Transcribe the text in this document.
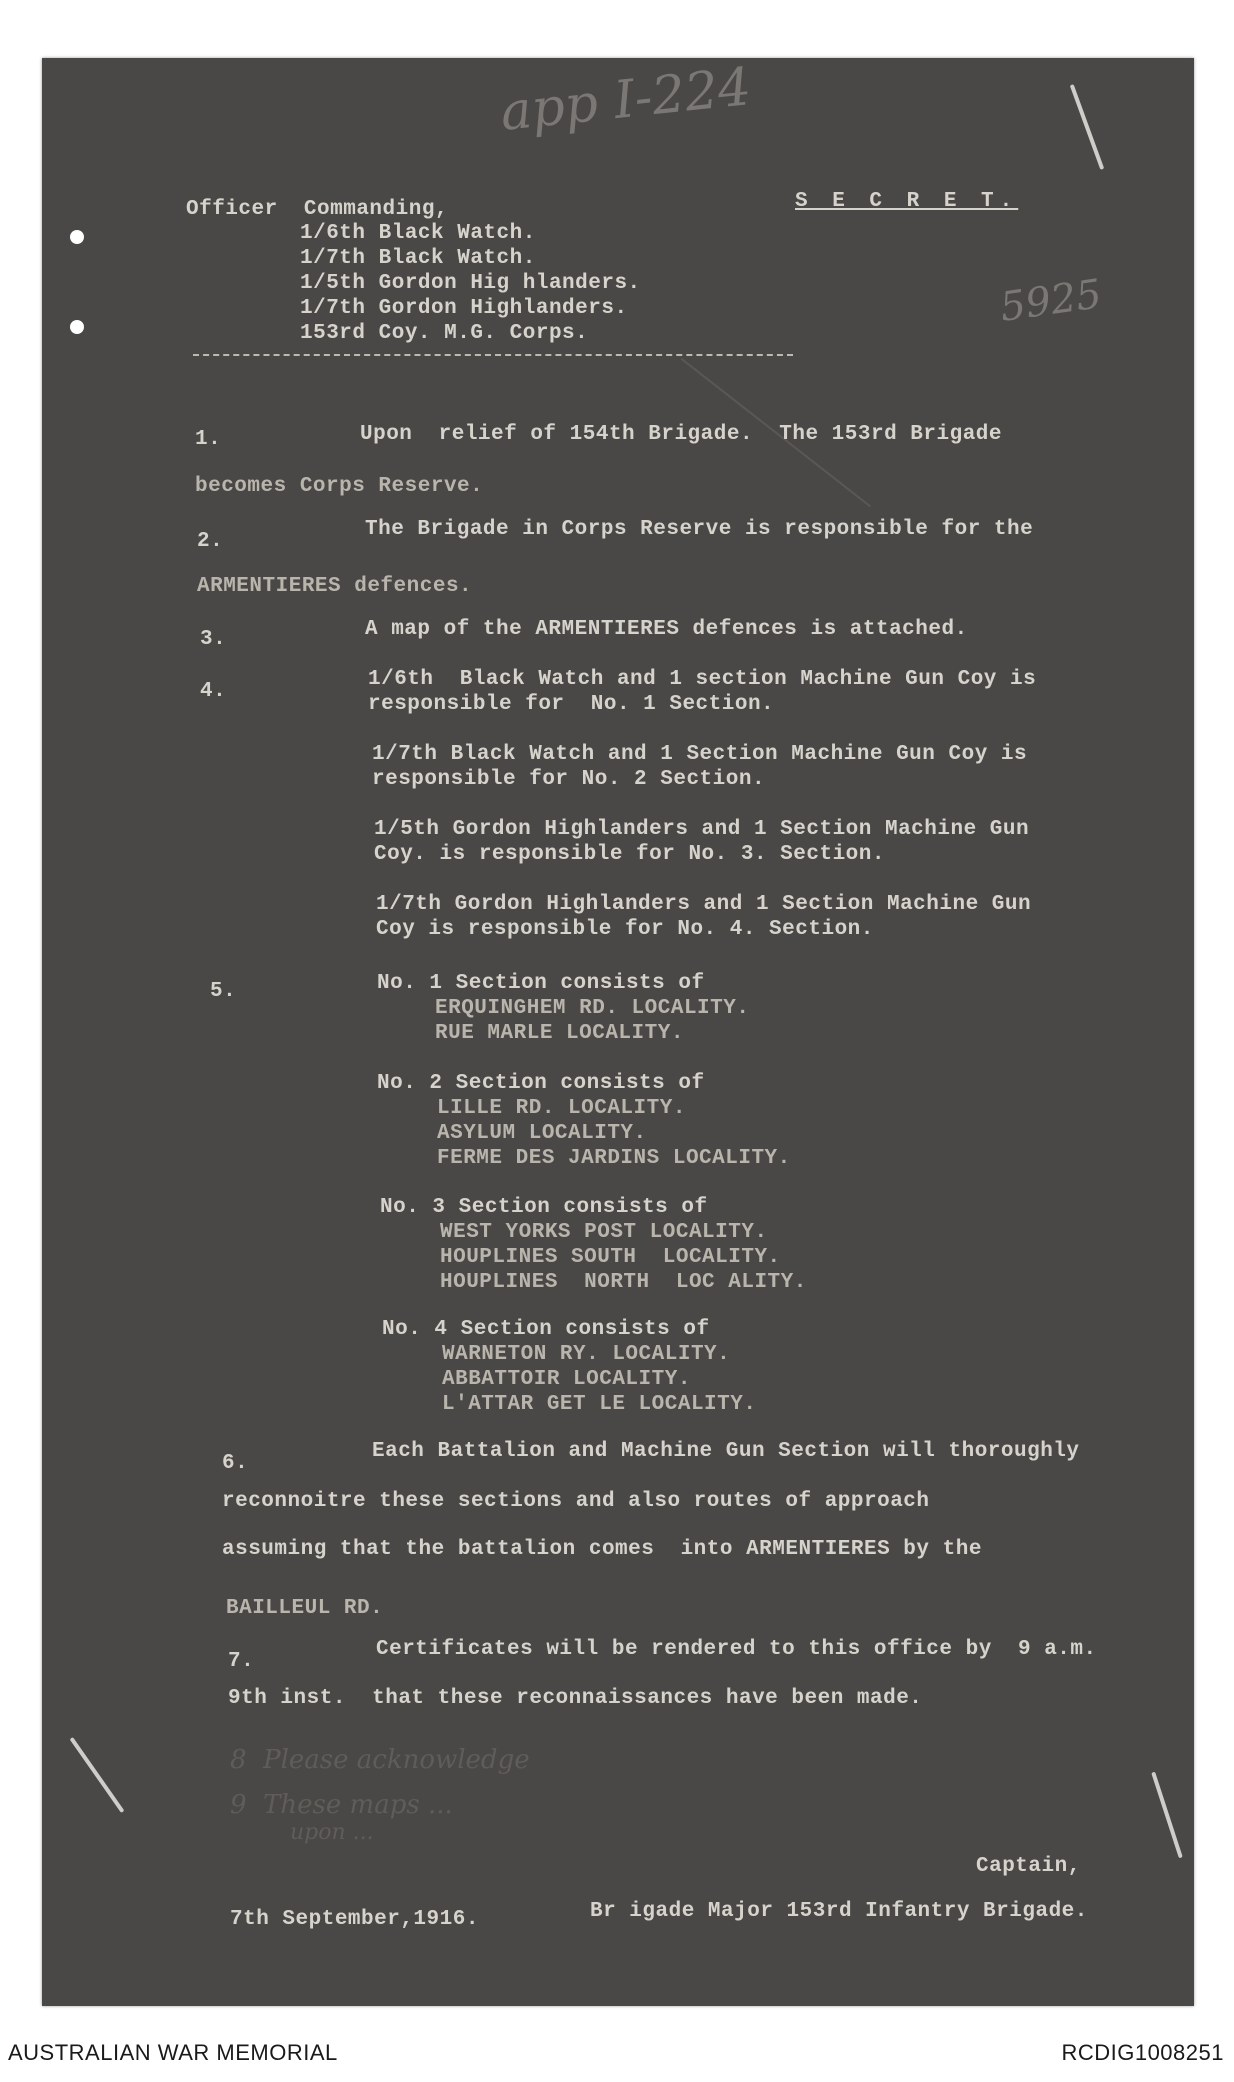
app I-224
5925
8  Please acknowledge
9  These maps ...
upon ...
Officer  Commanding,	S E C R E T.
1/6th Black Watch.
1/7th Black Watch.
1/5th Gordon Hig hlanders.
1/7th Gordon Highlanders.
153rd Coy. M.G. Corps.
1.	Upon  relief of 154th Brigade.  The 153rd Brigade
becomes Corps Reserve.
2.
The Brigade in Corps Reserve is responsible for the
ARMENTIERES defences.
3.	A map of the ARMENTIERES defences is attached.
4.
1/6th  Black Watch and 1 section Machine Gun Coy is
responsible for  No. 1 Section.
1/7th Black Watch and 1 Section Machine Gun Coy is
responsible for No. 2 Section.
1/5th Gordon Highlanders and 1 Section Machine Gun
Coy. is responsible for No. 3. Section.
1/7th Gordon Highlanders and 1 Section Machine Gun
Coy is responsible for No. 4. Section.
5.	No. 1 Section consists of
ERQUINGHEM RD. LOCALITY.
RUE MARLE LOCALITY.
No. 2 Section consists of
LILLE RD. LOCALITY.
ASYLUM LOCALITY.
FERME DES JARDINS LOCALITY.
No. 3 Section consists of
WEST YORKS POST LOCALITY.
HOUPLINES SOUTH  LOCALITY.
HOUPLINES  NORTH  LOC ALITY.
No. 4 Section consists of
WARNETON RY. LOCALITY.
ABBATTOIR LOCALITY.
L'ATTAR GET LE LOCALITY.
6.
Each Battalion and Machine Gun Section will thoroughly
reconnoitre these sections and also routes of approach
assuming that the battalion comes  into ARMENTIERES by the
BAILLEUL RD.
7.
Certificates will be rendered to this office by  9 a.m.
9th inst.  that these reconnaissances have been made.
Captain,
7th September,1916.	Br igade Major 153rd Infantry Brigade.
AUSTRALIAN WAR MEMORIAL	RCDIG1008251
